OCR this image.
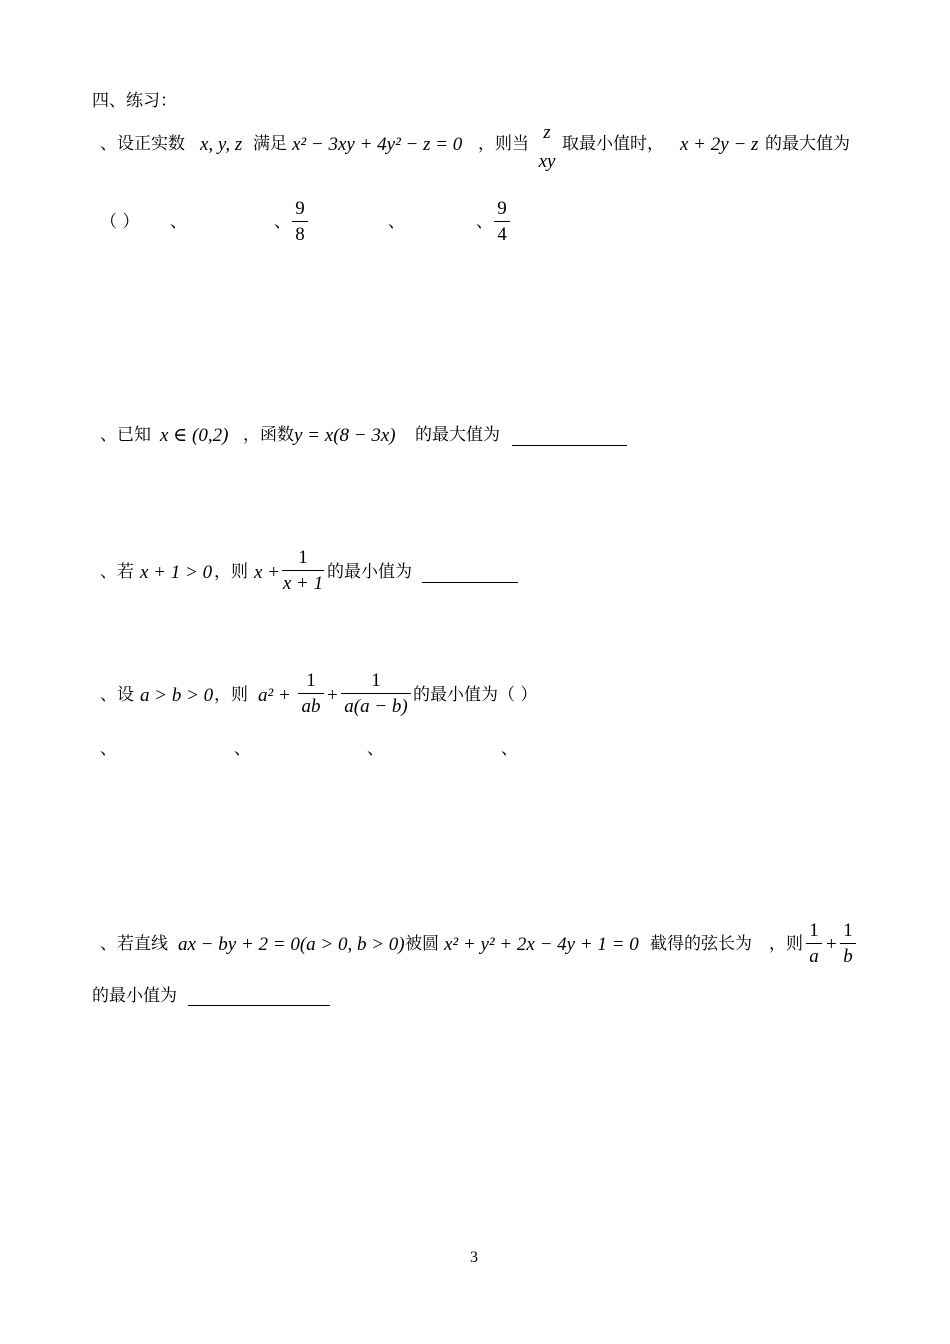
四、练习：
、设正实数 x, y, z 满足 x² − 3xy + 4y² − z = 0 ，则当
z
xy
取最小值时， x + 2y − z 的最大值为
（ ） 、	、
9
8
、	、
9
4
、已知 x ∈ (0,2) ，函数 y = x(8 − 3x) 的最大值为
、若 x + 1 > 0 ，则 x +
1
x + 1
的最小值为
、设 a > b > 0 ，则 a² +
1
ab
+
1
a(a − b)
的最小值为（ ）
、	、	、	、
、若直线 ax − by + 2 = 0(a > 0, b > 0) 被圆 x² + y² + 2x − 4y + 1 = 0 截得的弦长为　，则
1
a
+
1
b
的最小值为
3
